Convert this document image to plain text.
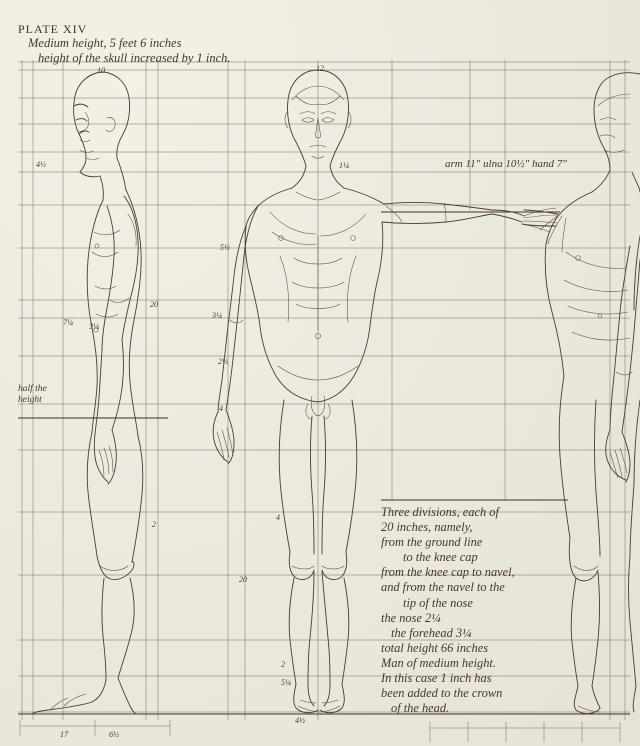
PLATE XIV
Medium height, 5 feet 6 inches
height of the skull increased by 1 inch.
arm 11" ulna 10½" hand 7"
half the
height
Three divisions, each of
20 inches, namely,
from the ground line
to the knee cap
from the knee cap to navel,
and from the navel to the
tip of the nose
the nose 2¼
the forehead 3¼
total height 66 inches
Man of medium height.
In this case 1 inch has
been added to the crown
of the head.
10
4½
7¼ 3¼
17	6½
20
2
12
1¼
3¼
2½
4
5½
20
4
2
5¼
4½
